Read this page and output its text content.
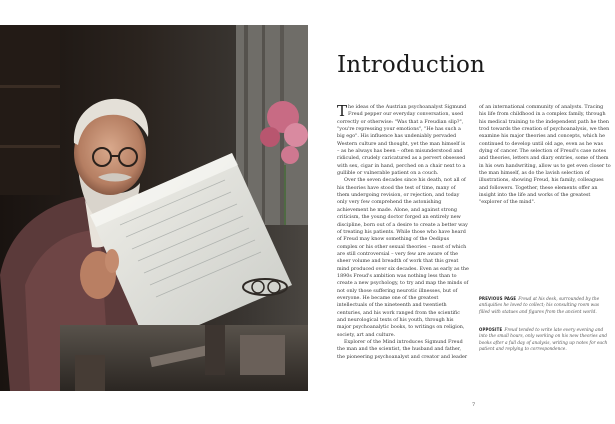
Introduction

The ideas of the Austrian psychoanalyst Sigmund Freud pepper our everyday conversation, used correctly or otherwise: "Was that a Freudian slip?", "you're repressing your emotions", "He has such a big ego". His influence has undeniably pervaded Western culture and thought, yet the man himself is – as he always has been – often misunderstood and ridiculed, crudely caricatured as a pervert obsessed with sex, cigar in hand, perched on a chair next to a gullible or vulnerable patient on a couch.

Over the seven decades since his death, not all of his theories have stood the test of time, many of them undergoing revision, or rejection, and today only very few comprehend the astonishing achievement he made. Alone, and against strong criticism, the young doctor forged an entirely new discipline, born out of a desire to create a better way of treating his patients. While those who have heard of Freud may know something of the Oedipus complex or his other sexual theories – most of which are still controversial – very few are aware of the sheer volume and breadth of work that this great mind produced over six decades. Even as early as the 1890s Freud's ambition was nothing less than to create a new psychology, to try and map the minds of not only those suffering neurotic illnesses, but of everyone. He became one of the greatest intellectuals of the nineteenth and twentieth centuries, and his work ranged from the scientific and neurological texts of his youth, through his major psychoanalytic books, to writings on religion, society, art and culture.

Explorer of the Mind introduces Sigmund Freud the man and the scientist, the husband and father, the pioneering psychoanalyst and creator and leader

of an international community of analysts. Tracing his life from childhood in a complex family, through his medical training to the independent path he then trod towards the creation of psychoanalysis, we then examine his major theories and concepts, which he continued to develop until old age, even as he was dying of cancer. The selection of Freud's case notes and theories, letters and diary entries, some of them in his own handwriting, allow us to get even closer to the man himself, as do the lavish selection of illustrations, showing Freud, his family, colleagues and followers. Together, these elements offer an insight into the life and works of the greatest "explorer of the mind".

PREVIOUS PAGE Freud at his desk, surrounded by the antiquities he loved to collect; his consulting room was filled with statues and figures from the ancient world.

OPPOSITE Freud tended to write late every evening and into the small hours, only working on his new theories and books after a full day of analysis, writing up notes for each patient and replying to correspondence.

7
